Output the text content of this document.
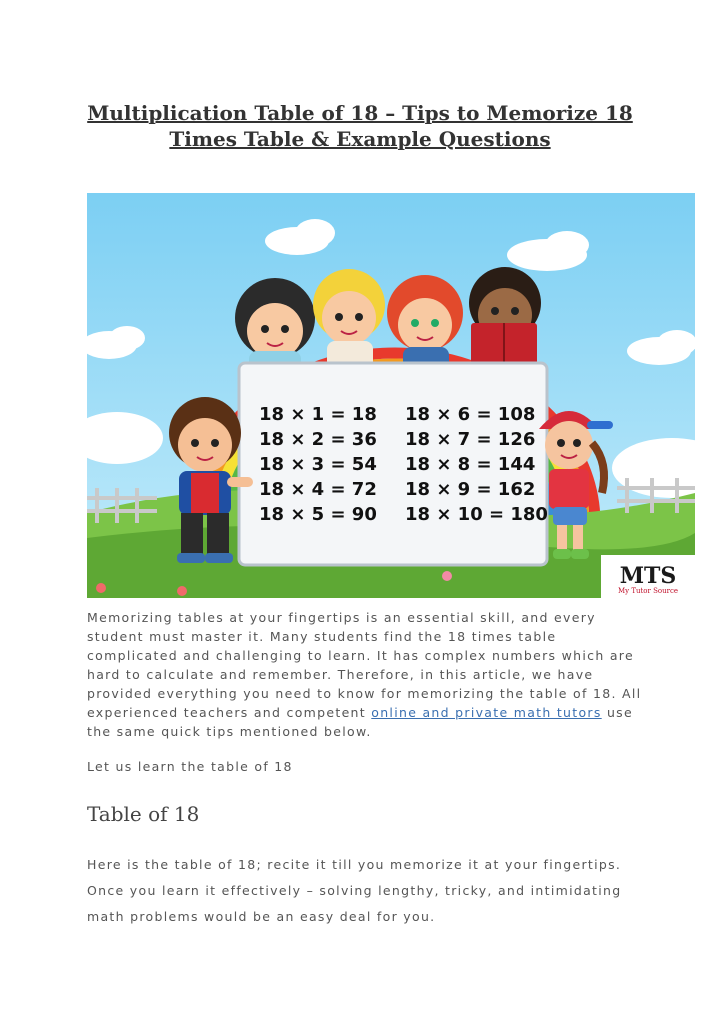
Multiplication Table of 18 – Tips to Memorize 18
Times Table & Example Questions
18 × 1 = 18
18 × 2 = 36
18 × 3 = 54
18 × 4 = 72
18 × 5 = 90
18 × 6 = 108
18 × 7 = 126
18 × 8 = 144
18 × 9 = 162
18 × 10 = 180
MTS
My Tutor Source

Memorizing tables at your fingertips is an essential skill, and every student must master it. Many students find the 18 times table complicated and challenging to learn. It has complex numbers which are hard to calculate and remember. Therefore, in this article, we have provided everything you need to know for memorizing the table of 18. All experienced teachers and competent online and private math tutors use the same quick tips mentioned below.

Let us learn the table of 18

Table of 18

Here is the table of 18; recite it till you memorize it at your fingertips. Once you learn it effectively – solving lengthy, tricky, and intimidating math problems would be an easy deal for you.
